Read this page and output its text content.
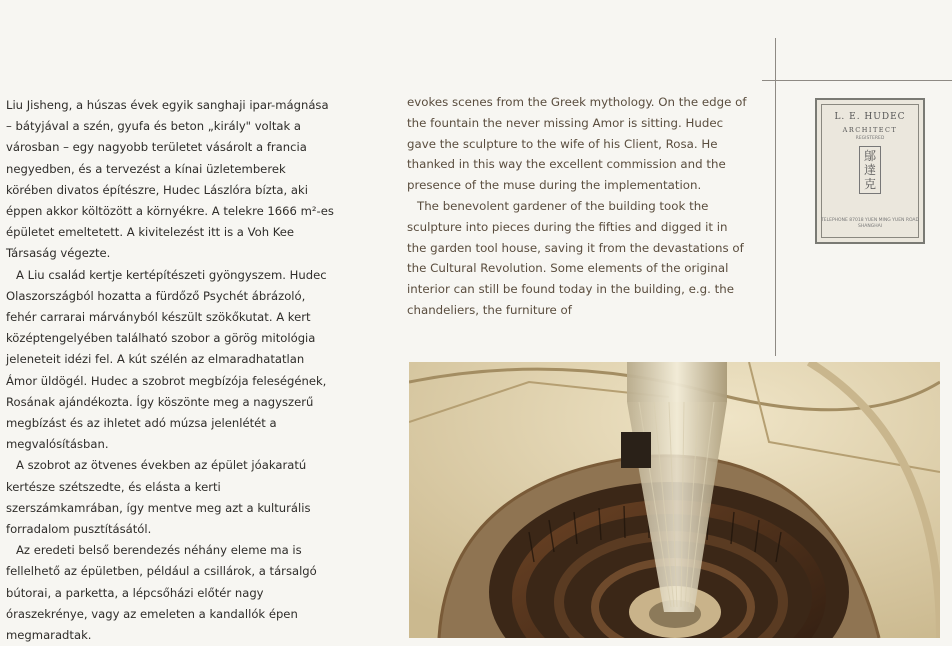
Liu Jisheng, a húszas évek egyik sanghaji ipar-mágnása – bátyjával a szén, gyufa és beton „király" voltak a városban – egy nagyobb területet vásárolt a francia negyedben, és a tervezést a kínai üzletemberek körében divatos építészre, Hudec Lászlóra bízta, aki éppen akkor költözött a környékre. A telekre 1666 m²-es épületet emeltetett. A kivitelezést itt is a Voh Kee Társaság végezte.

A Liu család kertje kertépítészeti gyöngyszem. Hudec Olaszországból hozatta a fürdőző Psychét ábrázoló, fehér carrarai márványból készült szökőkutat. A kert középtengelyében található szobor a görög mitológia jeleneteit idézi fel. A kút szélén az elmaradhatatlan Ámor üldögél. Hudec a szobrot megbízója feleségének, Rosának ajándékozta. Így köszönte meg a nagyszerű megbízást és az ihletet adó múzsa jelenlétét a megvalósításban.

A szobrot az ötvenes években az épület jóakaratú kertésze szétszedte, és elásta a kerti szerszámkamrában, így mentve meg azt a kulturális forradalom pusztításától.

Az eredeti belső berendezés néhány eleme ma is fellelhető az épületben, például a csillárok, a társalgó bútorai, a parketta, a lépcsőházi előtér nagy óraszekrénye, vagy az emeleten a kandallók épen megmaradtak.

evokes scenes from the Greek mythology. On the edge of the fountain the never missing Amor is sitting. Hudec gave the sculpture to the wife of his Client, Rosa. He thanked in this way the excellent commission and the presence of the muse during the implementation.

The benevolent gardener of the building took the sculpture into pieces during the fifties and digged it in the garden tool house, saving it from the devastations of the Cultural Revolution. Some elements of the original interior can still be found today in the building, e.g. the chandeliers, the furniture of

L. E. HUDEC
ARCHITECT
REGISTERED
鄔達克
TELEPHONE 87018 YUEN MING YUEN ROAD SHANGHAI
